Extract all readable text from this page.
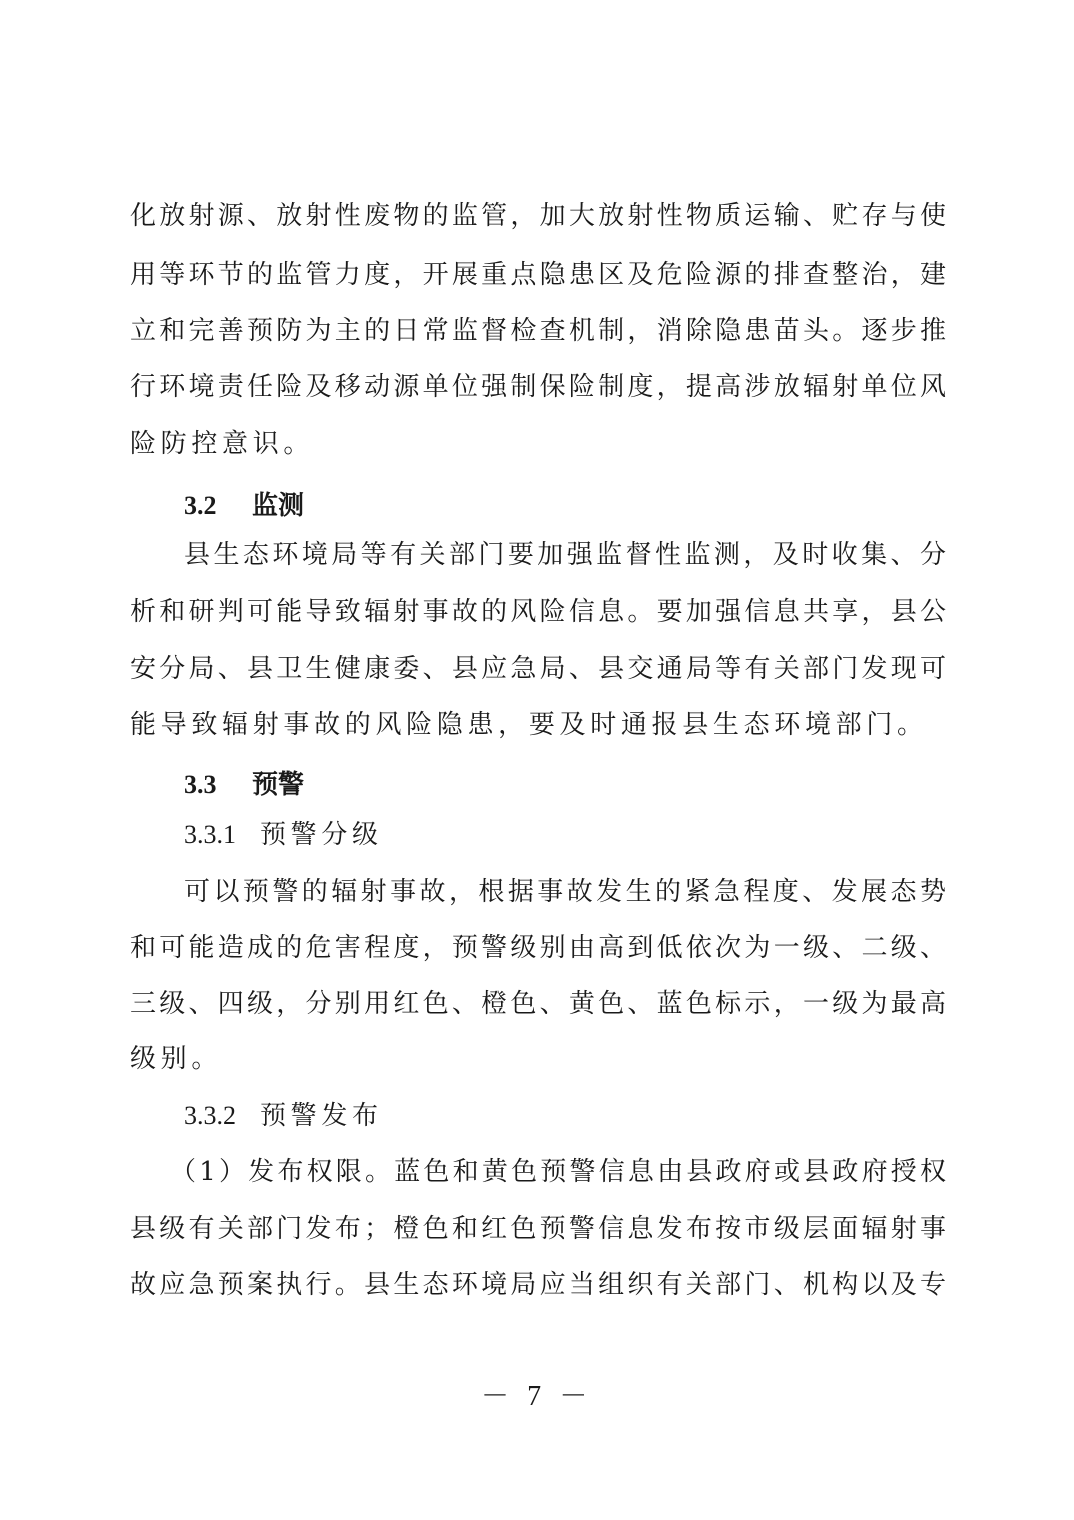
化放射源、放射性废物的监管，加大放射性物质运输、贮存与使
用等环节的监管力度，开展重点隐患区及危险源的排查整治，建
立和完善预防为主的日常监督检查机制，消除隐患苗头。逐步推
行环境责任险及移动源单位强制保险制度，提高涉放辐射单位风
险防控意识。
3.2 监测
县生态环境局等有关部门要加强监督性监测，及时收集、分
析和研判可能导致辐射事故的风险信息。要加强信息共享，县公
安分局、县卫生健康委、县应急局、县交通局等有关部门发现可
能导致辐射事故的风险隐患，要及时通报县生态环境部门。
3.3 预警
3.3.1 预警分级
可以预警的辐射事故，根据事故发生的紧急程度、发展态势
和可能造成的危害程度，预警级别由高到低依次为一级、二级、
三级、四级，分别用红色、橙色、黄色、蓝色标示，一级为最高
级别。
3.3.2 预警发布
（1）发布权限。蓝色和黄色预警信息由县政府或县政府授权
县级有关部门发布；橙色和红色预警信息发布按市级层面辐射事
故应急预案执行。县生态环境局应当组织有关部门、机构以及专
－ 7 －
